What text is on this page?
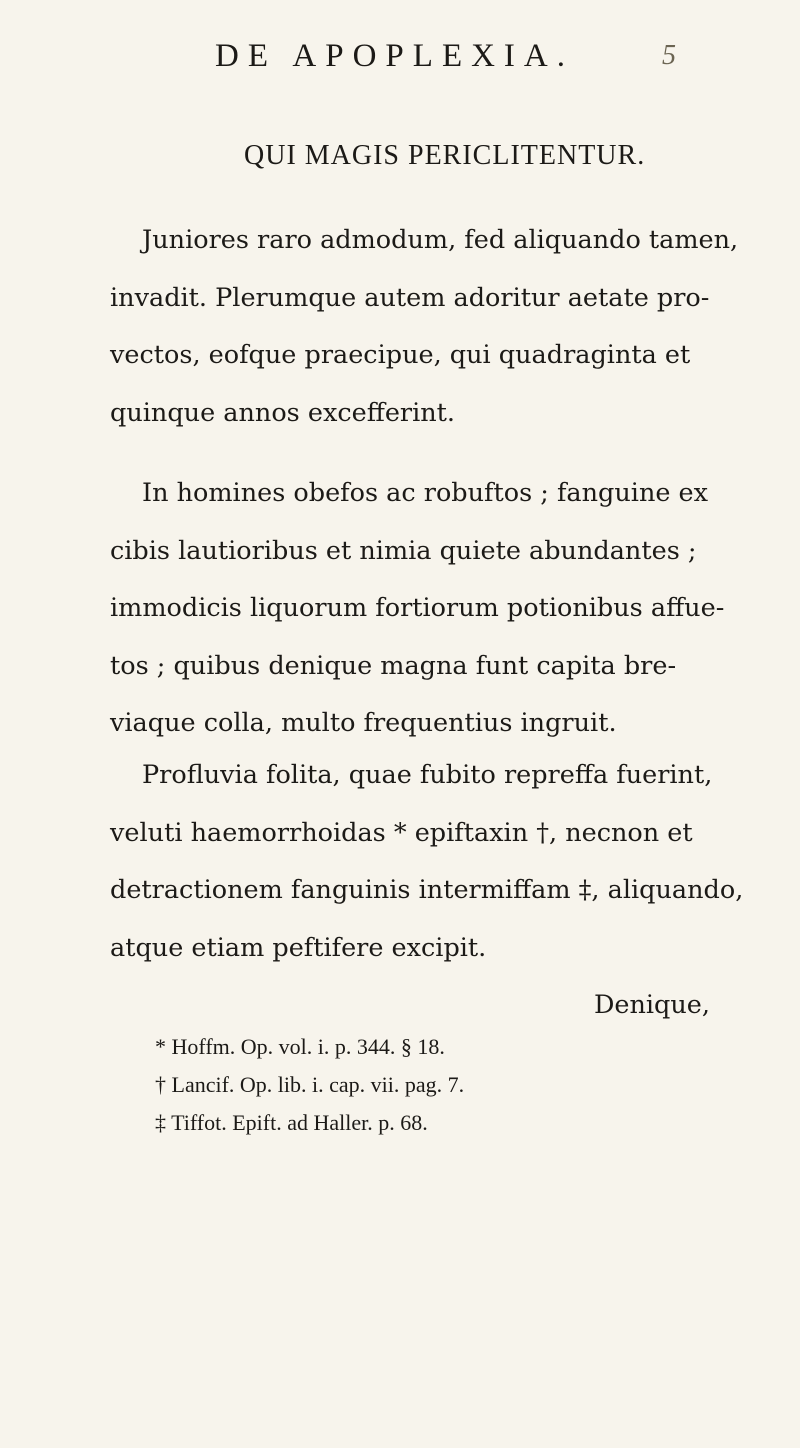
DE APOPLEXIA.	5
QUI MAGIS PERICLITENTUR.
Juniores raro admodum, fed aliquando tamen,
invadit. Plerumque autem adoritur aetate pro-
vectos, eofque praecipue, qui quadraginta et
quinque annos excefferint.
In homines obefos ac robuftos ; fanguine ex
cibis lautioribus et nimia quiete abundantes ;
immodicis liquorum fortiorum potionibus affue-
tos ; quibus denique magna funt capita bre-
viaque colla, multo frequentius ingruit.
Profluvia folita, quae fubito repreffa fuerint,
veluti haemorrhoidas * epiftaxin †, necnon et
detractionem fanguinis intermiffam ‡, aliquando,
atque etiam peftifere excipit.
Denique,
* Hoffm. Op. vol. i. p. 344. § 18.
† Lancif. Op. lib. i. cap. vii. pag. 7.
‡ Tiffot. Epift. ad Haller. p. 68.
